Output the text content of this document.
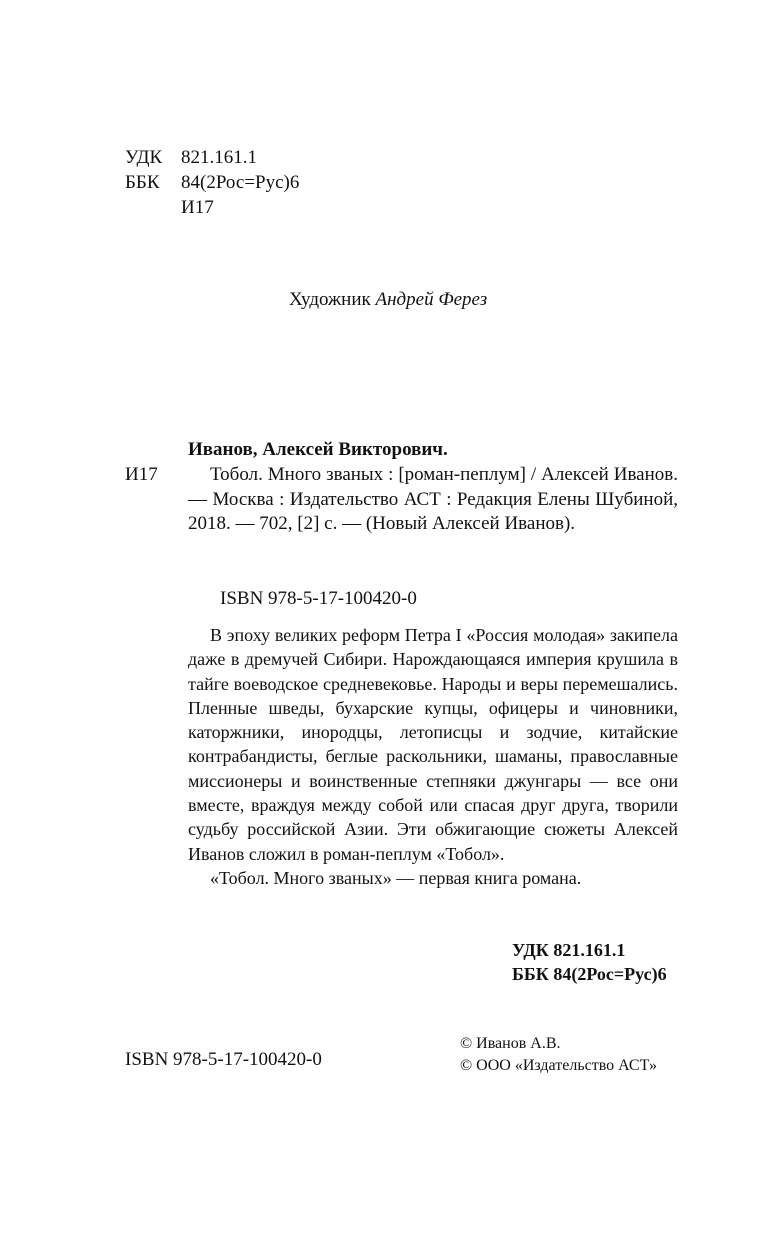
УДК 821.161.1
ББК 84(2Рос=Рус)6
И17
Художник Андрей Ферез
Иванов, Алексей Викторович.
И17	Тобол. Много званых : [роман-пеплум] / Алексей Иванов. — Москва : Издательство АСТ : Редакция Елены Шубиной, 2018. — 702, [2] с. — (Новый Алексей Иванов).
ISBN 978-5-17-100420-0

В эпоху великих реформ Петра I «Россия молодая» закипела даже в дремучей Сибири. Нарождающаяся империя крушила в тайге воеводское средневековье. Народы и веры перемешались. Пленные шведы, бухарские купцы, офицеры и чиновники, каторжники, инородцы, летописцы и зодчие, китайские контрабандисты, беглые раскольники, шаманы, православные миссионеры и воинственные степняки джунгары — все они вместе, враждуя между собой или спасая друг друга, творили судьбу российской Азии. Эти обжигающие сюжеты Алексей Иванов сложил в роман-пеплум «Тобол».

«Тобол. Много званых» — первая книга романа.

УДК 821.161.1
ББК 84(2Рос=Рус)6
© Иванов А.В.
© ООО «Издательство АСТ»
ISBN 978-5-17-100420-0
